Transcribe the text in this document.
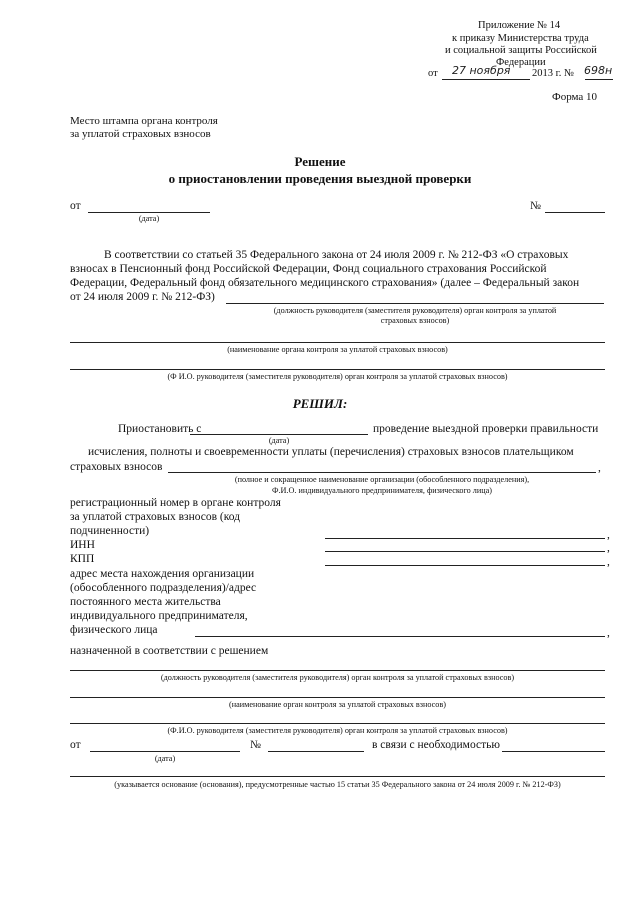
Приложение № 14
к приказу Министерства труда
и социальной защиты Российской
Федерации
от 27 ноября 2013 г. № 698н
Форма 10
Место штампа органа контроля
за уплатой страховых взносов
Решение
о приостановлении проведения выездной проверки
от
(дата)
№
В соответствии со статьей 35 Федерального закона от 24 июля 2009 г. № 212-ФЗ «О страховых
взносах в Пенсионный фонд Российской Федерации, Фонд социального страхования Российской
Федерации, Федеральный фонд обязательного медицинского страхования» (далее – Федеральный закон
от 24 июля 2009 г. № 212-ФЗ)
(должность руководителя (заместителя руководителя) орган контроля за уплатой
страховых взносов)
(наименование органа контроля за уплатой страховых взносов)
(Ф И.О. руководителя (заместителя руководителя) орган контроля за уплатой страховых взносов)
РЕШИЛ:
Приостановить с	проведение выездной проверки правильности
(дата)
исчисления, полноты и своевременности уплаты (перечисления) страховых взносов плательщиком
страховых взносов	,
(полное и сокращенное наименование организации (обособленного подразделения),
Ф.И.О. индивидуального предпринимателя, физического лица)
регистрационный номер в органе контроля
за уплатой страховых взносов (код
подчиненности)	,
ИНН	,
КПП	,
адрес места нахождения организации
(обособленного подразделения)/адрес
постоянного места жительства
индивидуального предпринимателя,
физического лица	,
назначенной в соответствии с решением
(должность руководителя (заместителя руководителя) орган контроля за уплатой страховых взносов)
(наименование орган контроля за уплатой страховых взносов)
(Ф.И.О. руководителя (заместителя руководителя) орган контроля за уплатой страховых взносов)
от
(дата)
№	в связи с необходимостью
(указывается основание (основания), предусмотренные частью 15 статьи 35 Федерального закона от 24 июля 2009 г. № 212-ФЗ)
